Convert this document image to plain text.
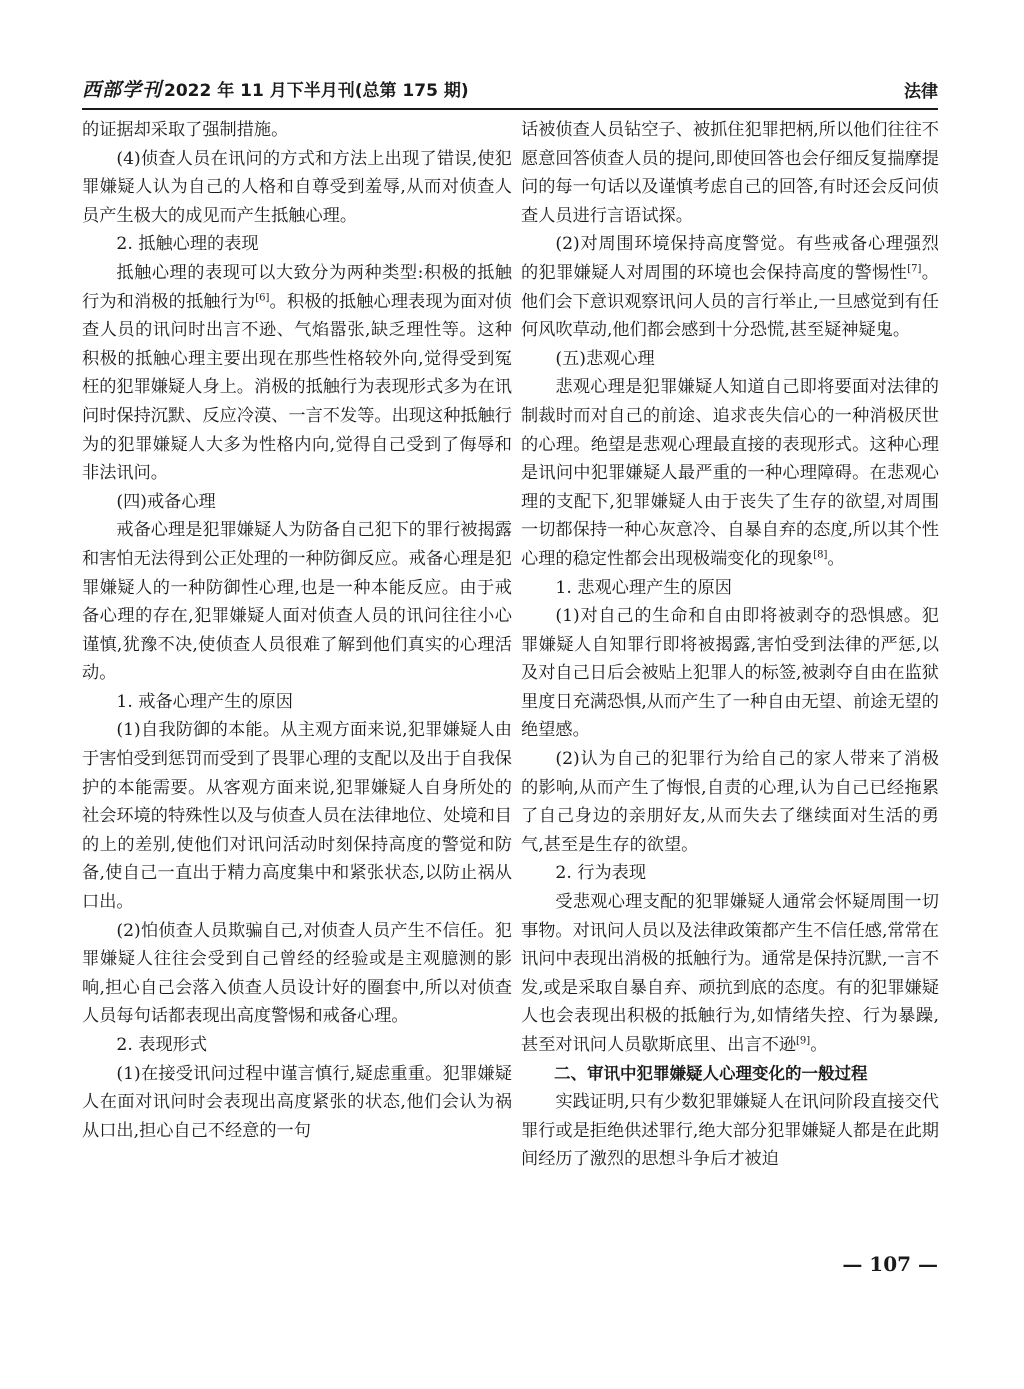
西部学刊 2022 年 11 月下半月刊(总第 175 期)	法律

的证据却采取了强制措施。

(4)侦查人员在讯问的方式和方法上出现了错误,使犯罪嫌疑人认为自己的人格和自尊受到羞辱,从而对侦查人员产生极大的成见而产生抵触心理。

2. 抵触心理的表现

抵触心理的表现可以大致分为两种类型:积极的抵触行为和消极的抵触行为[6]。积极的抵触心理表现为面对侦查人员的讯问时出言不逊、气焰嚣张,缺乏理性等。这种积极的抵触心理主要出现在那些性格较外向,觉得受到冤枉的犯罪嫌疑人身上。消极的抵触行为表现形式多为在讯问时保持沉默、反应冷漠、一言不发等。出现这种抵触行为的犯罪嫌疑人大多为性格内向,觉得自己受到了侮辱和非法讯问。

(四)戒备心理

戒备心理是犯罪嫌疑人为防备自己犯下的罪行被揭露和害怕无法得到公正处理的一种防御反应。戒备心理是犯罪嫌疑人的一种防御性心理,也是一种本能反应。由于戒备心理的存在,犯罪嫌疑人面对侦查人员的讯问往往小心谨慎,犹豫不决,使侦查人员很难了解到他们真实的心理活动。

1. 戒备心理产生的原因

(1)自我防御的本能。从主观方面来说,犯罪嫌疑人由于害怕受到惩罚而受到了畏罪心理的支配以及出于自我保护的本能需要。从客观方面来说,犯罪嫌疑人自身所处的社会环境的特殊性以及与侦查人员在法律地位、处境和目的上的差别,使他们对讯问活动时刻保持高度的警觉和防备,使自己一直出于精力高度集中和紧张状态,以防止祸从口出。

(2)怕侦查人员欺骗自己,对侦查人员产生不信任。犯罪嫌疑人往往会受到自己曾经的经验或是主观臆测的影响,担心自己会落入侦查人员设计好的圈套中,所以对侦查人员每句话都表现出高度警惕和戒备心理。

2. 表现形式

(1)在接受讯问过程中谨言慎行,疑虑重重。犯罪嫌疑人在面对讯问时会表现出高度紧张的状态,他们会认为祸从口出,担心自己不经意的一句

话被侦查人员钻空子、被抓住犯罪把柄,所以他们往往不愿意回答侦查人员的提问,即使回答也会仔细反复揣摩提问的每一句话以及谨慎考虑自己的回答,有时还会反问侦查人员进行言语试探。

(2)对周围环境保持高度警觉。有些戒备心理强烈的犯罪嫌疑人对周围的环境也会保持高度的警惕性[7]。他们会下意识观察讯问人员的言行举止,一旦感觉到有任何风吹草动,他们都会感到十分恐慌,甚至疑神疑鬼。

(五)悲观心理

悲观心理是犯罪嫌疑人知道自己即将要面对法律的制裁时而对自己的前途、追求丧失信心的一种消极厌世的心理。绝望是悲观心理最直接的表现形式。这种心理是讯问中犯罪嫌疑人最严重的一种心理障碍。在悲观心理的支配下,犯罪嫌疑人由于丧失了生存的欲望,对周围一切都保持一种心灰意冷、自暴自弃的态度,所以其个性心理的稳定性都会出现极端变化的现象[8]。

1. 悲观心理产生的原因

(1)对自己的生命和自由即将被剥夺的恐惧感。犯罪嫌疑人自知罪行即将被揭露,害怕受到法律的严惩,以及对自己日后会被贴上犯罪人的标签,被剥夺自由在监狱里度日充满恐惧,从而产生了一种自由无望、前途无望的绝望感。

(2)认为自己的犯罪行为给自己的家人带来了消极的影响,从而产生了悔恨,自责的心理,认为自己已经拖累了自己身边的亲朋好友,从而失去了继续面对生活的勇气,甚至是生存的欲望。

2. 行为表现

受悲观心理支配的犯罪嫌疑人通常会怀疑周围一切事物。对讯问人员以及法律政策都产生不信任感,常常在讯问中表现出消极的抵触行为。通常是保持沉默,一言不发,或是采取自暴自弃、顽抗到底的态度。有的犯罪嫌疑人也会表现出积极的抵触行为,如情绪失控、行为暴躁,甚至对讯问人员歇斯底里、出言不逊[9]。

二、审讯中犯罪嫌疑人心理变化的一般过程

实践证明,只有少数犯罪嫌疑人在讯问阶段直接交代罪行或是拒绝供述罪行,绝大部分犯罪嫌疑人都是在此期间经历了激烈的思想斗争后才被迫

— 107 —
